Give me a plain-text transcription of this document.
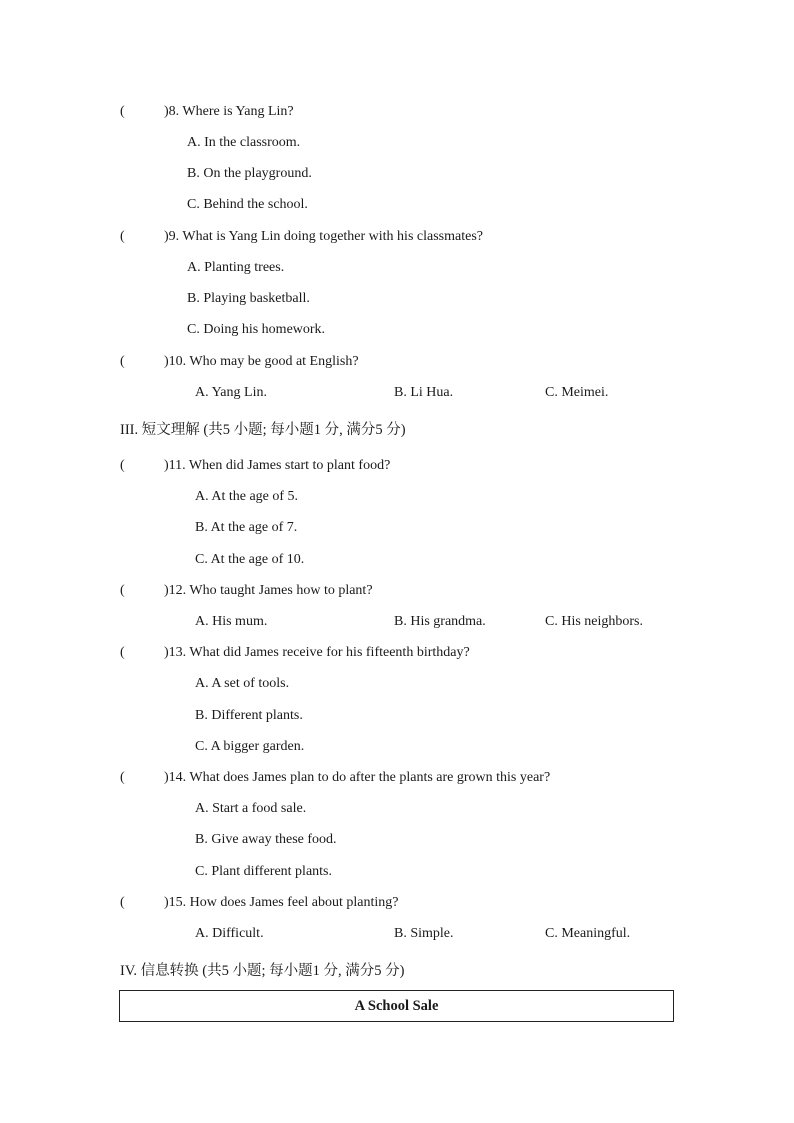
(	)8. Where is Yang Lin?
A. In the classroom.
B. On the playground.
C. Behind the school.
(	)9. What is Yang Lin doing together with his classmates?
A. Planting trees.
B. Playing basketball.
C. Doing his homework.
(	)10. Who may be good at English?
A. Yang Lin.	B. Li Hua.	C. Meimei.
III. 短文理解 (共5 小题; 每小题1 分, 满分5 分)
(	)11. When did James start to plant food?
A. At the age of 5.
B. At the age of 7.
C. At the age of 10.
(	)12. Who taught James how to plant?
A. His mum.	B. His grandma.	C. His neighbors.
(	)13. What did James receive for his fifteenth birthday?
A. A set of tools.
B. Different plants.
C. A bigger garden.
(	)14. What does James plan to do after the plants are grown this year?
A. Start a food sale.
B. Give away these food.
C. Plant different plants.
(	)15. How does James feel about planting?
A. Difficult.	B. Simple.	C. Meaningful.
IV. 信息转换 (共5 小题; 每小题1 分, 满分5 分)
A School Sale
